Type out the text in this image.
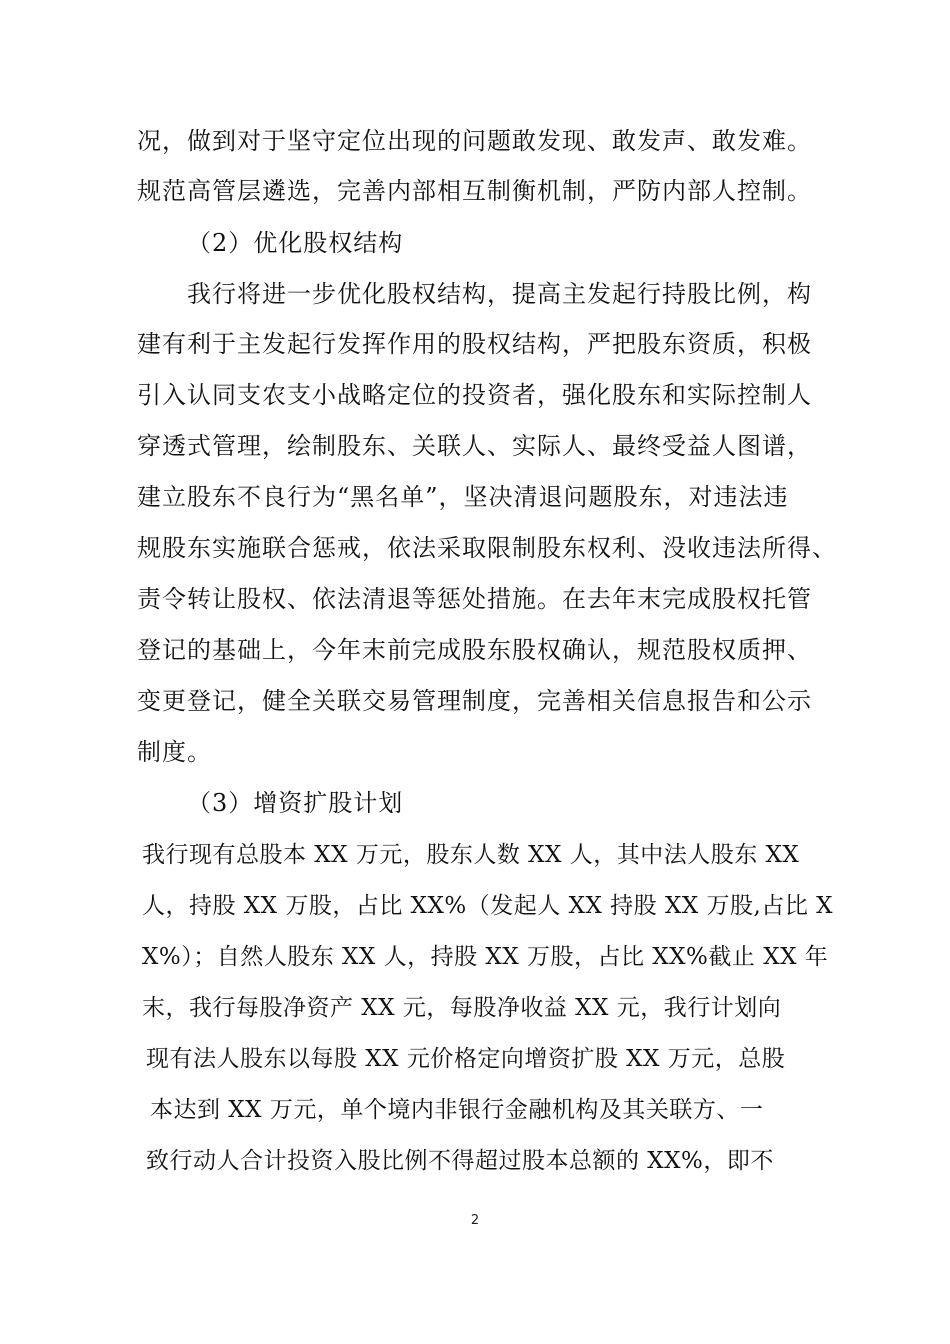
况，做到对于坚守定位出现的问题敢发现、敢发声、敢发难。
规范高管层遴选，完善内部相互制衡机制，严防内部人控制。
（2）优化股权结构
我行将进一步优化股权结构，提高主发起行持股比例，构
建有利于主发起行发挥作用的股权结构，严把股东资质，积极
引入认同支农支小战略定位的投资者，强化股东和实际控制人
穿透式管理，绘制股东、关联人、实际人、最终受益人图谱，
建立股东不良行为“黑名单”，坚决清退问题股东，对违法违
规股东实施联合惩戒，依法采取限制股东权利、没收违法所得、
责令转让股权、依法清退等惩处措施。在去年末完成股权托管
登记的基础上，今年末前完成股东股权确认，规范股权质押、
变更登记，健全关联交易管理制度，完善相关信息报告和公示
制度。
（3）增资扩股计划
我行现有总股本 XX 万元，股东人数 XX 人，其中法人股东 XX
人，持股 XX 万股，占比 XX%（发起人 XX 持股 XX 万股,占比 X
X%）；自然人股东 XX 人，持股 XX 万股，占比 XX%截止 XX 年
末，我行每股净资产 XX 元，每股净收益 XX 元，我行计划向
现有法人股东以每股 XX 元价格定向增资扩股 XX 万元，总股
本达到 XX 万元，单个境内非银行金融机构及其关联方、一
致行动人合计投资入股比例不得超过股本总额的 XX%，即不
2
